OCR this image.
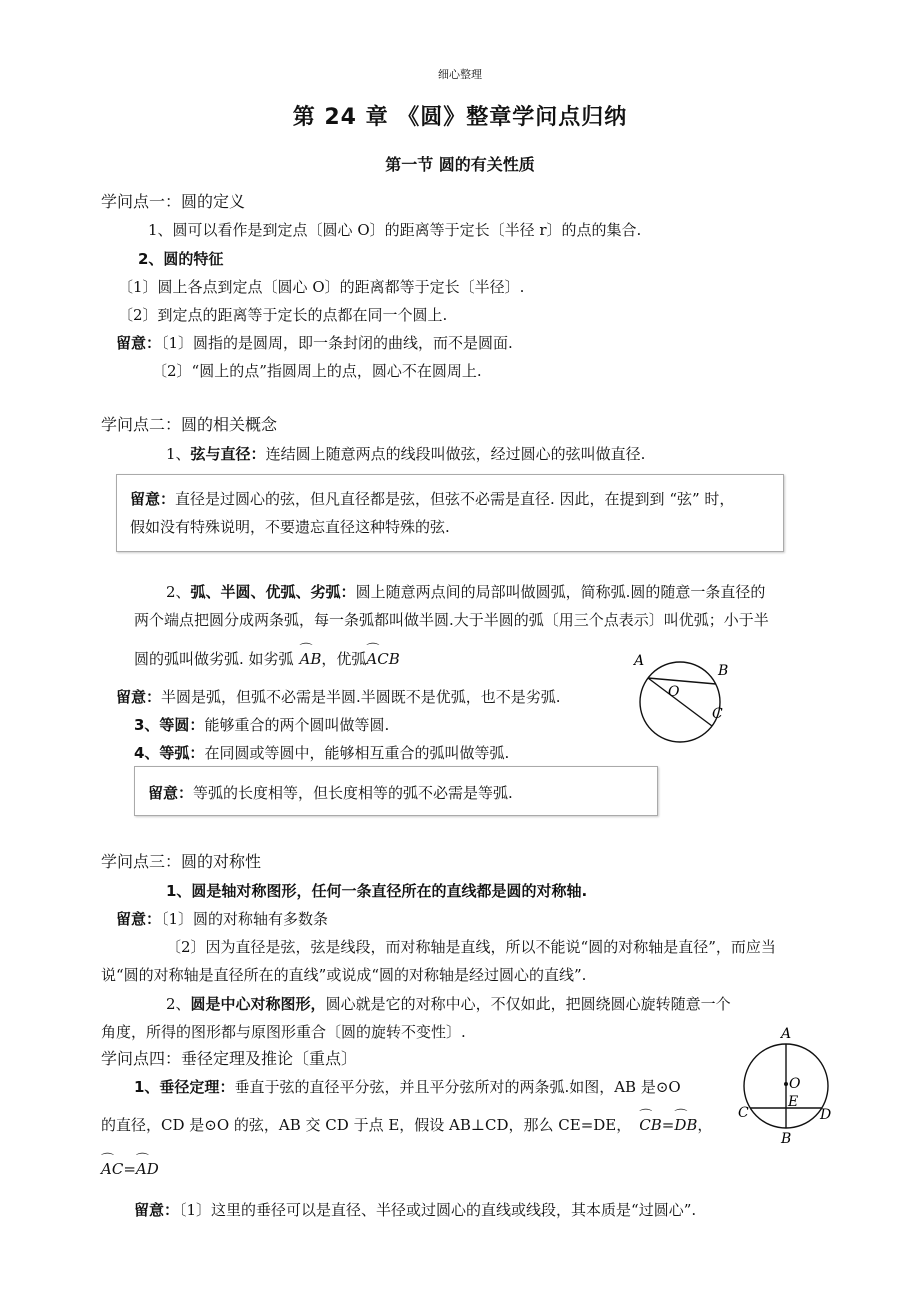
细心整理
第 24 章 《圆》整章学问点归纳
第一节 圆的有关性质
学问点一：圆的定义
1、圆可以看作是到定点〔圆心 O〕的距离等于定长〔半径 r〕的点的集合.
2、圆的特征
〔1〕圆上各点到定点〔圆心 O〕的距离都等于定长〔半径〕.
〔2〕到定点的距离等于定长的点都在同一个圆上.
留意：〔1〕圆指的是圆周，即一条封闭的曲线，而不是圆面.
〔2〕“圆上的点”指圆周上的点，圆心不在圆周上.
学问点二：圆的相关概念
1、弦与直径：连结圆上随意两点的线段叫做弦，经过圆心的弦叫做直径.
留意：直径是过圆心的弦，但凡直径都是弦，但弦不必需是直径. 因此，在提到到 “弦” 时，
假如没有特殊说明，不要遗忘直径这种特殊的弦.
2、弧、半圆、优弧、劣弧：圆上随意两点间的局部叫做圆弧，简称弧.圆的随意一条直径的
两个端点把圆分成两条弧，每一条弧都叫做半圆.大于半圆的弧〔用三个点表示〕叫优弧；小于半
圆的弧叫做劣弧. 如劣弧 ⌒ AB，优弧⌒ ACB
留意：半圆是弧，但弧不必需是半圆.半圆既不是优弧，也不是劣弧.
3、等圆：能够重合的两个圆叫做等圆.
4、等弧：在同圆或等圆中，能够相互重合的弧叫做等弧.
留意：等弧的长度相等，但长度相等的弧不必需是等弧.
A
B
O
C
学问点三：圆的对称性
1、圆是轴对称图形，任何一条直径所在的直线都是圆的对称轴.
留意：〔1〕圆的对称轴有多数条
〔2〕因为直径是弦，弦是线段，而对称轴是直线，所以不能说“圆的对称轴是直径”，而应当
说“圆的对称轴是直径所在的直线”或说成“圆的对称轴是经过圆心的直线”.
2、圆是中心对称图形，圆心就是它的对称中心，不仅如此，把圆绕圆心旋转随意一个
角度，所得的图形都与原图形重合〔圆的旋转不变性〕.
学问点四：垂径定理及推论〔重点〕
1、垂径定理：垂直于弦的直径平分弦，并且平分弦所对的两条弧.如图，AB 是⊙O
的直径，CD 是⊙O 的弦，AB 交 CD 于点 E，假设 AB⊥CD，那么 CE=DE， ⌒ CB=⌒ DB，
⌒ AC=⌒ AD
留意：〔1〕这里的垂径可以是直径、半径或过圆心的直线或线段，其本质是“过圆心”.
A
O
C
E
D
B
